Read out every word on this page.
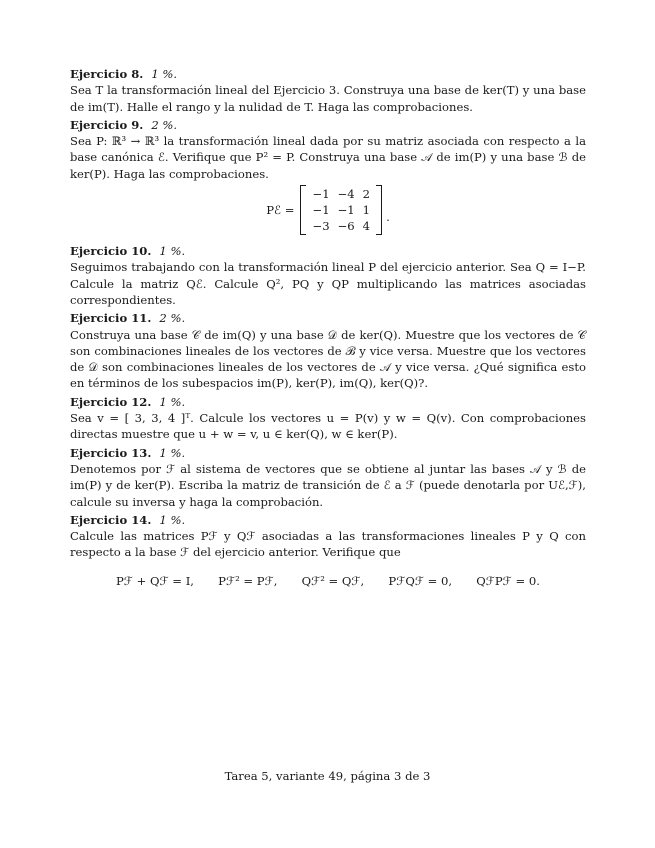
Ejercicio 8. 1 %.
Sea T la transformación lineal del Ejercicio 3. Construya una base de ker(T) y una base de im(T). Halle el rango y la nulidad de T. Haga las comprobaciones.
Ejercicio 9. 2 %.
Sea P: ℝ³ → ℝ³ la transformación lineal dada por su matriz asociada con respecto a la base canónica ℰ. Verifique que P² = P. Construya una base 𝒜 de im(P) y una base ℬ de ker(P). Haga las comprobaciones.
Pℰ =
−1	−4	2
−1	−1	1
−3	−6	4
.
Ejercicio 10. 1 %.
Seguimos trabajando con la transformación lineal P del ejercicio anterior. Sea Q = I−P. Calcule la matriz Qℰ. Calcule Q², PQ y QP multiplicando las matrices asociadas correspondientes.
Ejercicio 11. 2 %.
Construya una base 𝒞 de im(Q) y una base 𝒟 de ker(Q). Muestre que los vectores de 𝒞 son combinaciones lineales de los vectores de ℬ y vice versa. Muestre que los vectores de 𝒟 son combinaciones lineales de los vectores de 𝒜 y vice versa. ¿Qué significa esto en términos de los subespacios im(P), ker(P), im(Q), ker(Q)?.
Ejercicio 12. 1 %.
Sea v = [ 3, 3, 4 ]ᵀ. Calcule los vectores u = P(v) y w = Q(v). Con comprobaciones directas muestre que u + w = v, u ∈ ker(Q), w ∈ ker(P).
Ejercicio 13. 1 %.
Denotemos por ℱ al sistema de vectores que se obtiene al juntar las bases 𝒜 y ℬ de im(P) y de ker(P). Escriba la matriz de transición de ℰ a ℱ (puede denotarla por Uℰ,ℱ), calcule su inversa y haga la comprobación.
Ejercicio 14. 1 %.
Calcule las matrices Pℱ y Qℱ asociadas a las transformaciones lineales P y Q con respecto a la base ℱ del ejercicio anterior. Verifique que
Pℱ + Qℱ = I, Pℱ² = Pℱ, Qℱ² = Qℱ, PℱQℱ = 0, QℱPℱ = 0.
Tarea 5, variante 49, página 3 de 3
